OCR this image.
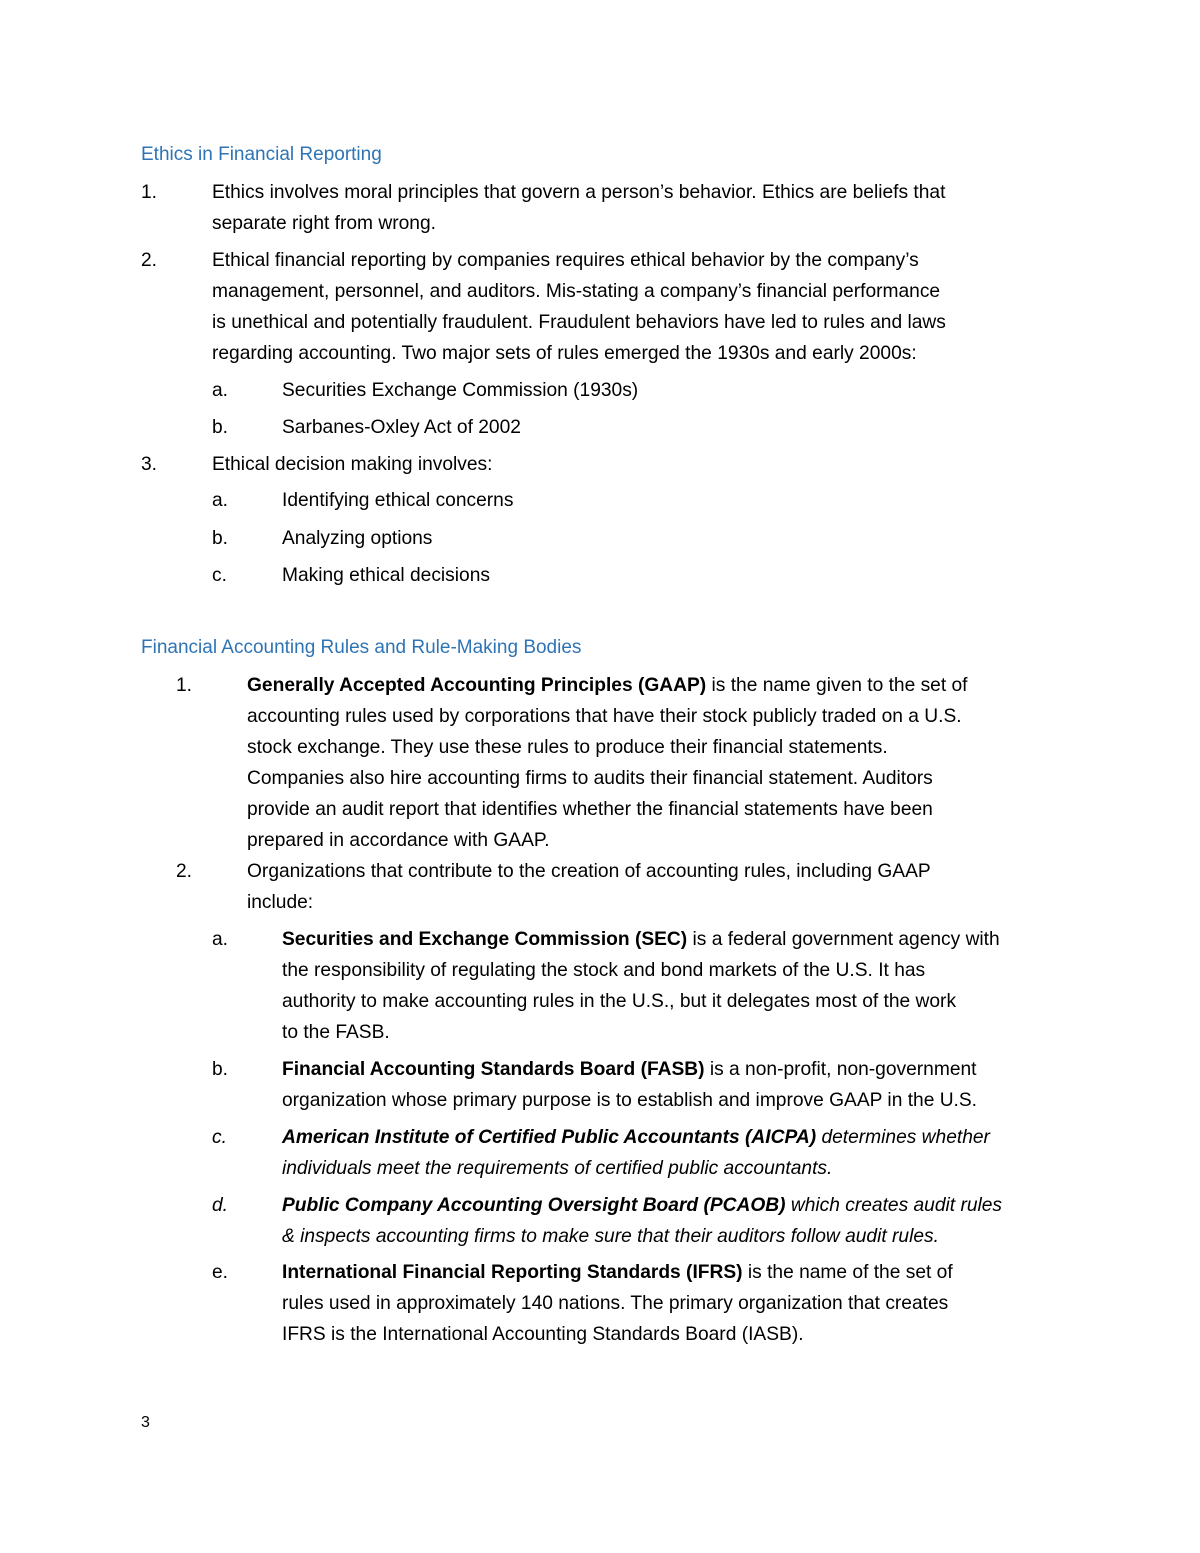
Ethics in Financial Reporting
1.	Ethics involves moral principles that govern a person’s behavior. Ethics are beliefs that

separate right from wrong.

2.	Ethical financial reporting by companies requires ethical behavior by the company’s

management, personnel, and auditors. Mis-stating a company’s financial performance

is unethical and potentially fraudulent. Fraudulent behaviors have led to rules and laws

regarding accounting. Two major sets of rules emerged the 1930s and early 2000s:

a.	Securities Exchange Commission (1930s)

b.	Sarbanes-Oxley Act of 2002

3.	Ethical decision making involves:

a.	Identifying ethical concerns

b.	Analyzing options

c.	Making ethical decisions

Financial Accounting Rules and Rule-Making Bodies
1.	Generally Accepted Accounting Principles (GAAP) is the name given to the set of

accounting rules used by corporations that have their stock publicly traded on a U.S.

stock exchange. They use these rules to produce their financial statements.

Companies also hire accounting firms to audits their financial statement. Auditors

provide an audit report that identifies whether the financial statements have been

prepared in accordance with GAAP.

2.	Organizations that contribute to the creation of accounting rules, including GAAP

include:

a.	Securities and Exchange Commission (SEC) is a federal government agency with

the responsibility of regulating the stock and bond markets of the U.S. It has

authority to make accounting rules in the U.S., but it delegates most of the work

to the FASB.

b.	Financial Accounting Standards Board (FASB) is a non-profit, non-government

organization whose primary purpose is to establish and improve GAAP in the U.S.

c.	American Institute of Certified Public Accountants (AICPA) determines whether

individuals meet the requirements of certified public accountants.

d.	Public Company Accounting Oversight Board (PCAOB) which creates audit rules

& inspects accounting firms to make sure that their auditors follow audit rules.

e.	International Financial Reporting Standards (IFRS) is the name of the set of

rules used in approximately 140 nations. The primary organization that creates

IFRS is the International Accounting Standards Board (IASB).

3
